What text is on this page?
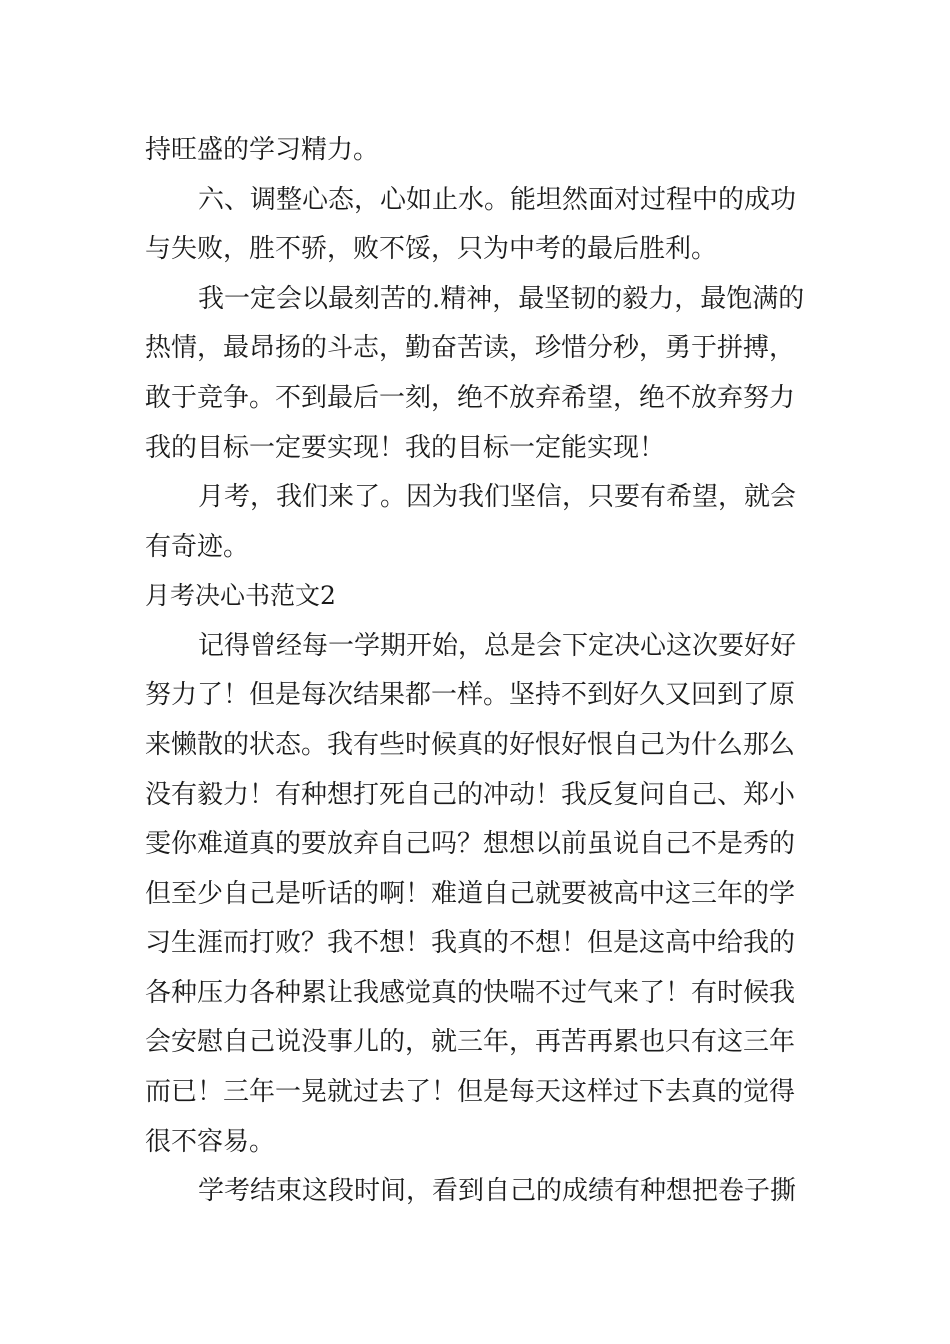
持旺盛的学习精力。
六、调整心态，心如止水。能坦然面对过程中的成功
与失败，胜不骄，败不馁，只为中考的最后胜利。
我一定会以最刻苦的.精神，最坚韧的毅力，最饱满的
热情，最昂扬的斗志，勤奋苦读，珍惜分秒，勇于拼搏，
敢于竞争。不到最后一刻，绝不放弃希望，绝不放弃努力
我的目标一定要实现！我的目标一定能实现！
月考，我们来了。因为我们坚信，只要有希望，就会
有奇迹。
月考决心书范文2
记得曾经每一学期开始，总是会下定决心这次要好好
努力了！但是每次结果都一样。坚持不到好久又回到了原
来懒散的状态。我有些时候真的好恨好恨自己为什么那么
没有毅力！有种想打死自己的冲动！我反复问自己、郑小
雯你难道真的要放弃自己吗？想想以前虽说自己不是秀的
但至少自己是听话的啊！难道自己就要被高中这三年的学
习生涯而打败？我不想！我真的不想！但是这高中给我的
各种压力各种累让我感觉真的快喘不过气来了！有时候我
会安慰自己说没事儿的，就三年，再苦再累也只有这三年
而已！三年一晃就过去了！但是每天这样过下去真的觉得
很不容易。
学考结束这段时间，看到自己的成绩有种想把卷子撕
